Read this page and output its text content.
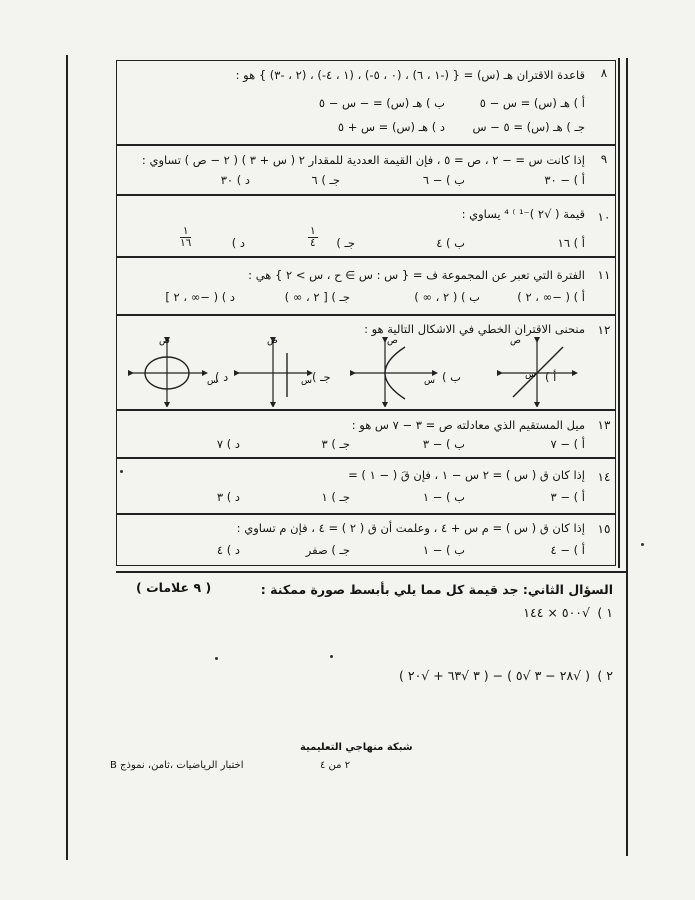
٨
قاعدة الاقتران هـ (س) = { (-١ ، ٦) ، (٠ ، ٥-) ، (١ ، ٤-) ، (٢ ، -٣) } هو :
أ ) هـ (س) = س − ٥
ب ) هـ (س) = − س − ٥
جـ ) هـ (س) = ٥ − س
د ) هـ (س) = س + ٥
٩
إذا كانت س = − ٢ ، ص = ٥ ، فإن القيمة العددية للمقدار ٢ ( س + ٣ ) ( ٢ − ص ) تساوي :
أ ) − ٣٠
ب ) − ٦
جـ ) ٦
د ) ٣٠
١٠
قيمة ( √٢ )⁻¹ ⁾ ⁴ يساوي :
أ ) ١٦
ب ) ٤
جـ )
١
٤
د )
١
١٦
١١
الفترة التي تعبر عن المجموعة ف = { س : س ∋ ح ، س > ٢ } هي :
أ ) ( −∞ ، ٢ )
ب ) ( ٢ ، ∞ )
جـ ) [ ٢ ، ∞ )
د ) ( −∞ ، ٢ ]
١٢
منحنى الاقتران الخطي في الاشكال التالية هو :
أ )
ب )
جـ )
د )
ص
س
ص
س
ص
س
ص
س
١٣
ميل المستقيم الذي معادلته ص = ٣ − ٧ س هو :
أ ) − ٧
ب ) − ٣
جـ ) ٣
د ) ٧
١٤
إذا كان ق ( س ) = ٢ س − ١ ، فإن قَ ( − ١ ) =
أ ) − ٣
ب ) − ١
جـ ) ١
د ) ٣
١٥
إذا كان ق ( س ) = م س + ٤ ، وعلمت أن ق ( ٢ ) = ٤ ، فإن م تساوي :
أ ) − ٤
ب ) − ١
جـ ) صفر
د ) ٤
السؤال الثاني: جد قيمة كل مما يلي بأبسط صورة ممكنة :
( ٩ علامات )
١ )
√٥٠٠ × ١٤٤
٢ )
( √٢٨ − ٣ √٥ ) − ( ٣ √٦٣ + √٢٠ )
شبكة منهاجي التعليمية
٢ من ٤
اختبار الرياضيات ،ثامن، نموذج B
